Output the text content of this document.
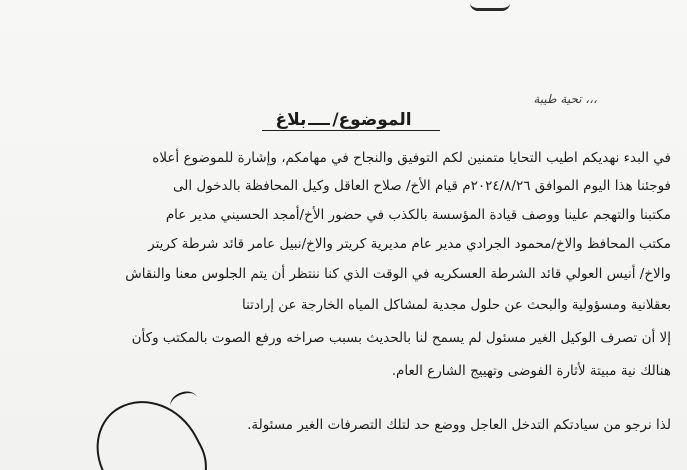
تحية طيبة ،،،
الموضوع/بلاغ
في البدء نهديكم اطيب التحايا متمنين لكم التوفيق والنجاح في مهامكم، وإشارة للموضوع أعلاه
فوجئنا هذا اليوم الموافق ٢٠٢٤/٨/٢٦م قيام الأخ/ صلاح العاقل وكيل المحافظة بالدخول الى
مكتبنا والتهجم علينا ووصف قيادة المؤسسة بالكذب في حضور الأخ/أمجد الحسيني مدير عام
مكتب المحافظ والاخ/محمود الجرادي مدير عام مديرية كريتر والاخ/نبيل عامر قائد شرطة كريتر
والاخ/ أنيس العولي قائد الشرطة العسكريه في الوقت الذي كنا ننتظر أن يتم الجلوس معنا والنقاش
بعقلانية ومسؤولية والبحث عن حلول مجدية لمشاكل المياه الخارجة عن إرادتنا
إلا أن تصرف الوكيل الغير مسئول لم يسمح لنا بالحديث بسبب صراخه ورفع الصوت بالمكتب وكأن
هنالك نية مبيتة لأثارة الفوضى وتهييج الشارع العام.
لذا نرجو من سيادتكم التدخل العاجل ووضع حد لتلك التصرفات الغير مسئولة.
